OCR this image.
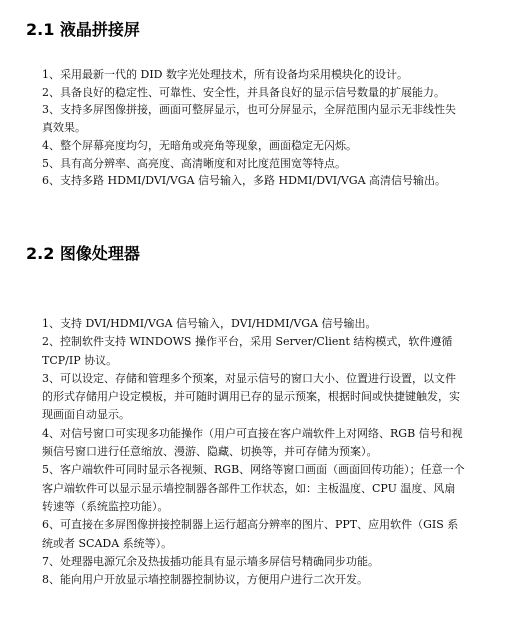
2.1 液晶拼接屏
1、采用最新一代的 DID 数字光处理技术，所有设备均采用模块化的设计。
2、具备良好的稳定性、可靠性、安全性，并具备良好的显示信号数量的扩展能力。
3、支持多屏图像拼接，画面可整屏显示，也可分屏显示，全屏范围内显示无非线性失真效果。
4、整个屏幕亮度均匀，无暗角或亮角等现象，画面稳定无闪烁。
5、具有高分辨率、高亮度、高清晰度和对比度范围宽等特点。
6、支持多路 HDMI/DVI/VGA 信号输入，多路 HDMI/DVI/VGA 高清信号输出。
2.2 图像处理器
1、支持 DVI/HDMI/VGA 信号输入，DVI/HDMI/VGA 信号输出。
2、控制软件支持 WINDOWS 操作平台，采用 Server/Client 结构模式，软件遵循 TCP/IP 协议。
3、可以设定、存储和管理多个预案，对显示信号的窗口大小、位置进行设置，以文件的形式存储用户设定模板，并可随时调用已存的显示预案，根据时间或快捷键触发，实现画面自动显示。
4、对信号窗口可实现多功能操作（用户可直接在客户端软件上对网络、RGB 信号和视频信号窗口进行任意缩放、漫游、隐藏、切换等，并可存储为预案）。
5、客户端软件可同时显示各视频、RGB、网络等窗口画面（画面回传功能）；任意一个客户端软件可以显示显示墙控制器各部件工作状态，如：主板温度、CPU 温度、风扇转速等（系统监控功能）。
6、可直接在多屏图像拼接控制器上运行超高分辨率的图片、PPT、应用软件（GIS 系统或者 SCADA 系统等）。
7、处理器电源冗余及热拔插功能具有显示墙多屏信号精确同步功能。
8、能向用户开放显示墙控制器控制协议，方便用户进行二次开发。
